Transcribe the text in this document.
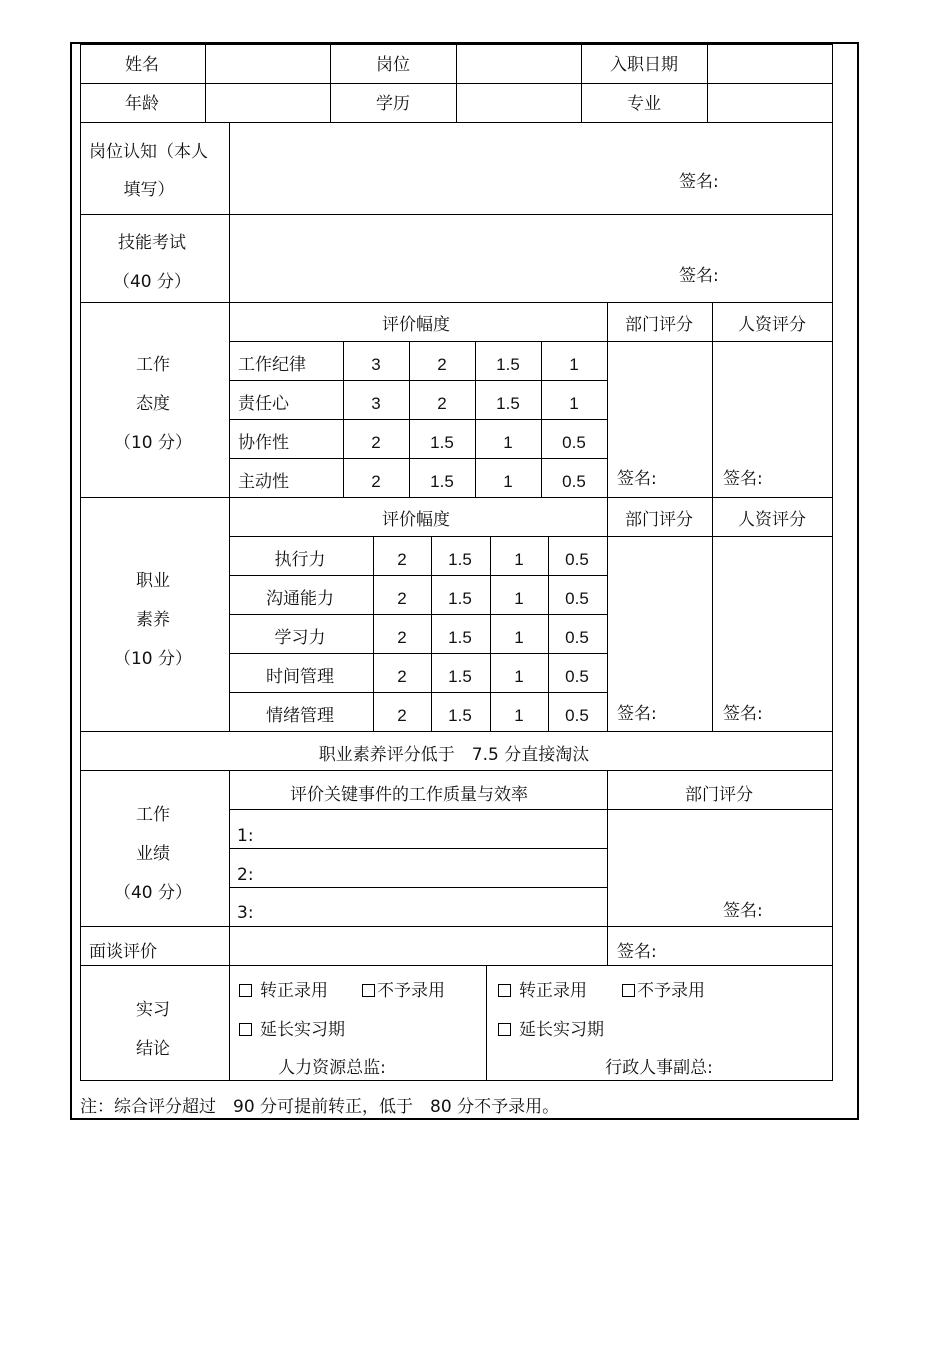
姓名	岗位	入职日期
年龄	学历	专业
岗位认知（本人
填写）	签名:
技能考试
（40 分）	签名:
工作
态度
（10 分）
评价幅度	部门评分	人资评分
工作纪律	3	2	1.5	1
责任心	3	2	1.5	1
协作性	2	1.5	1	0.5
主动性	2	1.5	1	0.5 签名:	签名:
职业
素养
（10 分）
评价幅度	部门评分	人资评分
执行力	2 1.5 1 0.5
沟通能力	2 1.5 1 0.5
学习力	2 1.5 1 0.5
时间管理	2 1.5 1 0.5
情绪管理	2 1.5 1 0.5 签名:	签名:
职业素养评分低于　7.5 分直接淘汰
工作
业绩
（40 分）
评价关键事件的工作质量与效率	部门评分
1:
2:
3:	签名:
面谈评价	签名:
实习
结论
转正录用	不予录用
延长实习期
人力资源总监:
转正录用	不予录用
延长实习期
行政人事副总:
注：综合评分超过　90 分可提前转正，低于　80 分不予录用。
